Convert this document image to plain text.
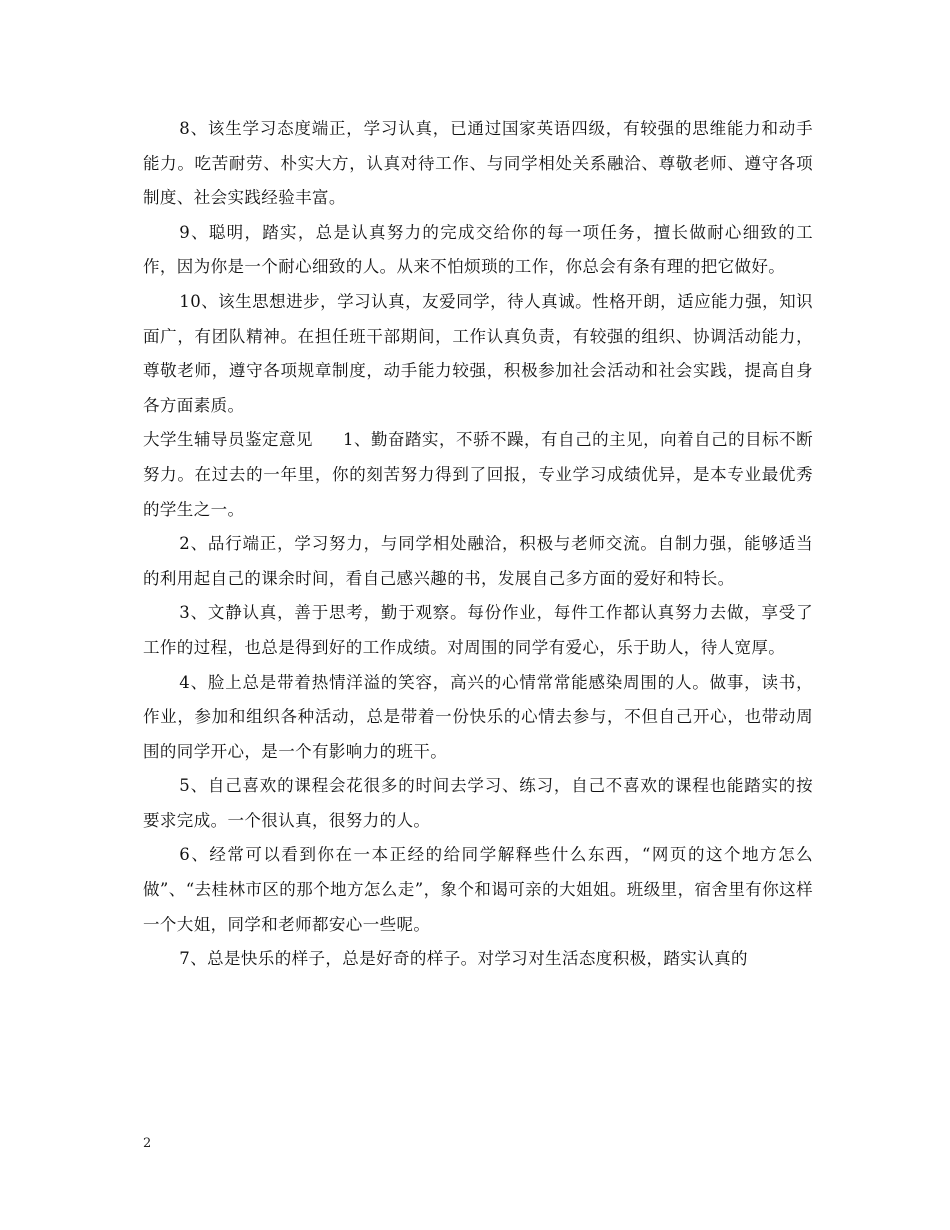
8、该生学习态度端正，学习认真，已通过国家英语四级，有较强的思维能力和动手能力。吃苦耐劳、朴实大方，认真对待工作、与同学相处关系融洽、尊敬老师、遵守各项制度、社会实践经验丰富。

9、聪明，踏实，总是认真努力的完成交给你的每一项任务，擅长做耐心细致的工作，因为你是一个耐心细致的人。从来不怕烦琐的工作，你总会有条有理的把它做好。

10、该生思想进步，学习认真，友爱同学，待人真诚。性格开朗，适应能力强，知识面广，有团队精神。在担任班干部期间，工作认真负责，有较强的组织、协调活动能力，尊敬老师，遵守各项规章制度，动手能力较强，积极参加社会活动和社会实践，提高自身各方面素质。

大学生辅导员鉴定意见 1、勤奋踏实，不骄不躁，有自己的主见，向着自己的目标不断努力。在过去的一年里，你的刻苦努力得到了回报，专业学习成绩优异，是本专业最优秀的学生之一。

2、品行端正，学习努力，与同学相处融洽，积极与老师交流。自制力强，能够适当的利用起自己的课余时间，看自己感兴趣的书，发展自己多方面的爱好和特长。

3、文静认真，善于思考，勤于观察。每份作业，每件工作都认真努力去做，享受了工作的过程，也总是得到好的工作成绩。对周围的同学有爱心，乐于助人，待人宽厚。

4、脸上总是带着热情洋溢的笑容，高兴的心情常常能感染周围的人。做事，读书，作业，参加和组织各种活动，总是带着一份快乐的心情去参与，不但自己开心，也带动周围的同学开心，是一个有影响力的班干。

5、自己喜欢的课程会花很多的时间去学习、练习，自己不喜欢的课程也能踏实的按要求完成。一个很认真，很努力的人。

6、经常可以看到你在一本正经的给同学解释些什么东西，“网页的这个地方怎么做”、“去桂林市区的那个地方怎么走”，象个和谒可亲的大姐姐。班级里，宿舍里有你这样一个大姐，同学和老师都安心一些呢。

7、总是快乐的样子，总是好奇的样子。对学习对生活态度积极，踏实认真的

2
